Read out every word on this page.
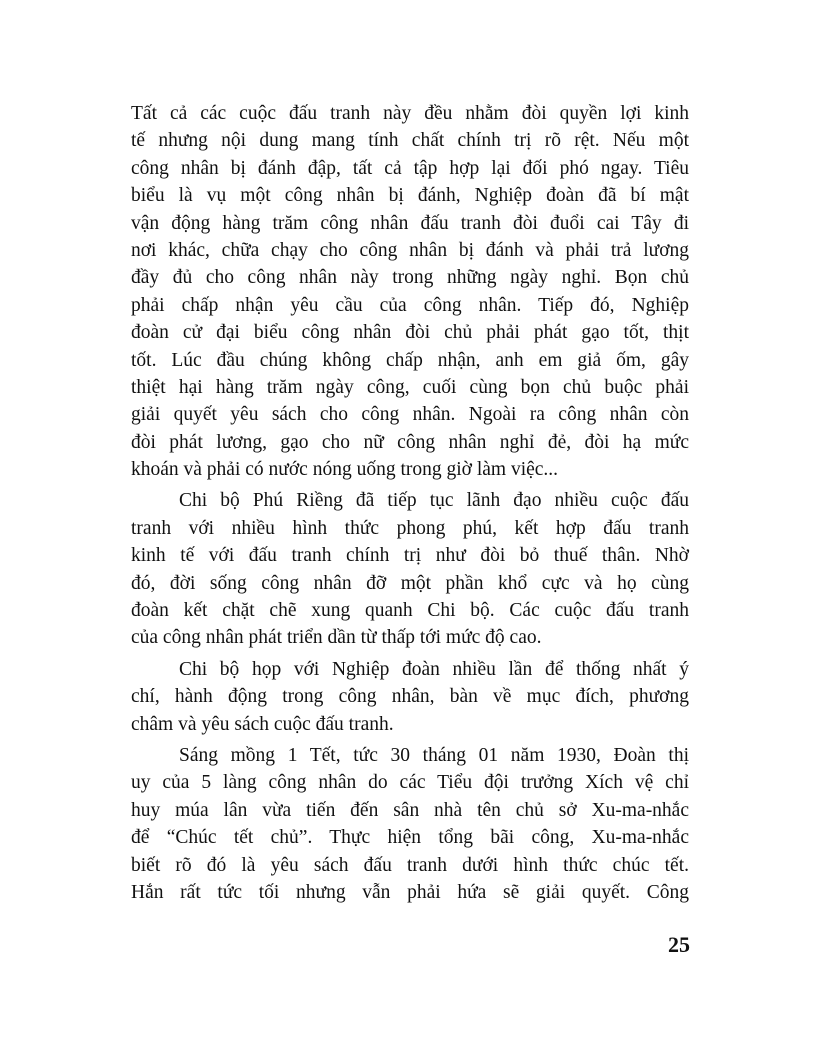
Tất cả các cuộc đấu tranh này đều nhằm đòi quyền lợi kinh
tế nhưng nội dung mang tính chất chính trị rõ rệt. Nếu một
công nhân bị đánh đập, tất cả tập hợp lại đối phó ngay. Tiêu
biểu là vụ một công nhân bị đánh, Nghiệp đoàn đã bí mật
vận động hàng trăm công nhân đấu tranh đòi đuổi cai Tây đi
nơi khác, chữa chạy cho công nhân bị đánh và phải trả lương
đầy đủ cho công nhân này trong những ngày nghỉ. Bọn chủ
phải chấp nhận yêu cầu của công nhân. Tiếp đó, Nghiệp
đoàn cử đại biểu công nhân đòi chủ phải phát gạo tốt, thịt
tốt. Lúc đầu chúng không chấp nhận, anh em giả ốm, gây
thiệt hại hàng trăm ngày công, cuối cùng bọn chủ buộc phải
giải quyết yêu sách cho công nhân. Ngoài ra công nhân còn
đòi phát lương, gạo cho nữ công nhân nghỉ đẻ, đòi hạ mức
khoán và phải có nước nóng uống trong giờ làm việc...
Chi bộ Phú Riềng đã tiếp tục lãnh đạo nhiều cuộc đấu
tranh với nhiều hình thức phong phú, kết hợp đấu tranh
kinh tế với đấu tranh chính trị như đòi bỏ thuế thân. Nhờ
đó, đời sống công nhân đỡ một phần khổ cực và họ cùng
đoàn kết chặt chẽ xung quanh Chi bộ. Các cuộc đấu tranh
của công nhân phát triển dần từ thấp tới mức độ cao.
Chi bộ họp với Nghiệp đoàn nhiều lần để thống nhất ý
chí, hành động trong công nhân, bàn về mục đích, phương
châm và yêu sách cuộc đấu tranh.
Sáng mồng 1 Tết, tức 30 tháng 01 năm 1930, Đoàn thị
uy của 5 làng công nhân do các Tiểu đội trưởng Xích vệ chỉ
huy múa lân vừa tiến đến sân nhà tên chủ sở Xu-ma-nhắc
để “Chúc tết chủ”. Thực hiện tổng bãi công, Xu-ma-nhắc
biết rõ đó là yêu sách đấu tranh dưới hình thức chúc tết.
Hắn rất tức tối nhưng vẫn phải hứa sẽ giải quyết. Công
25
